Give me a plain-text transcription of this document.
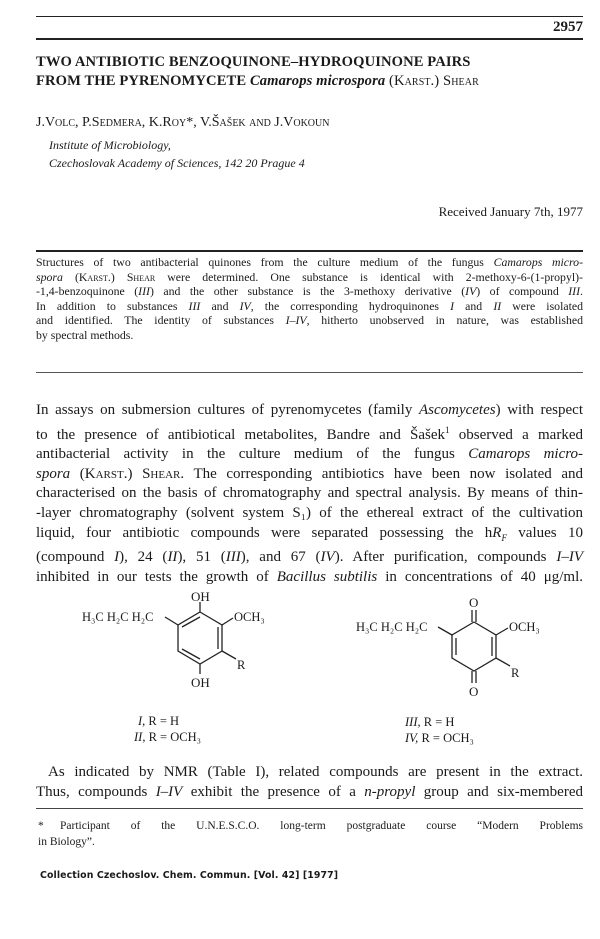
2957
TWO ANTIBIOTIC BENZOQUINONE–HYDROQUINONE PAIRS
FROM THE PYRENOMYCETE Camarops microspora (Karst.) Shear
J.Volc, P.Sedmera, K.Roy*, V.Šašek and J.Vokoun
Institute of Microbiology,
Czechoslovak Academy of Sciences, 142 20 Prague 4
Received January 7th, 1977
Structures of two antibacterial quinones from the culture medium of the fungus Camarops micro-
spora (Karst.) Shear were determined. One substance is identical with 2-methoxy-6-(1-propyl)-
-1,4-benzoquinone (III) and the other substance is the 3-methoxy derivative (IV) of compound III.
In addition to substances III and IV, the corresponding hydroquinones I and II were isolated
and identified. The identity of substances I–IV, hitherto unobserved in nature, was established
by spectral methods.
In assays on submersion cultures of pyrenomycetes (family Ascomycetes) with respect
to the presence of antibiotical metabolites, Bandre and Šašek$^1$ observed a marked
antibacterial activity in the culture medium of the fungus Camarops micro-
spora (Karst.) Shear. The corresponding antibiotics have been now isolated and
characterised on the basis of chromatography and spectral analysis. By means of thin-
-layer chromatography (solvent system S₁) of the ethereal extract of the cultivation
liquid, four antibiotic compounds were separated possessing the $hR_F$ values 10
(compound I), 24 (II), 51 (III), and 67 (IV). After purification, compounds I–IV
inhibited in our tests the growth of Bacillus subtilis in concentrations of 40 μg/ml.
OH
OH
H₃C H₂C H₂C	OCH₃
R
O
O
H₃C H₂C H₂C	OCH₃
R
I, R = H
II, R = OCH₃
III, R = H
IV, R = OCH₃
As indicated by NMR (Table I), related compounds are present in the extract.
Thus, compounds I–IV exhibit the presence of a n-propyl group and six-membered
* Participant of the U.N.E.S.C.O. long-term postgraduate course “Modern Problems
in Biology”.
Collection Czechoslov. Chem. Commun. [Vol. 42] [1977]
